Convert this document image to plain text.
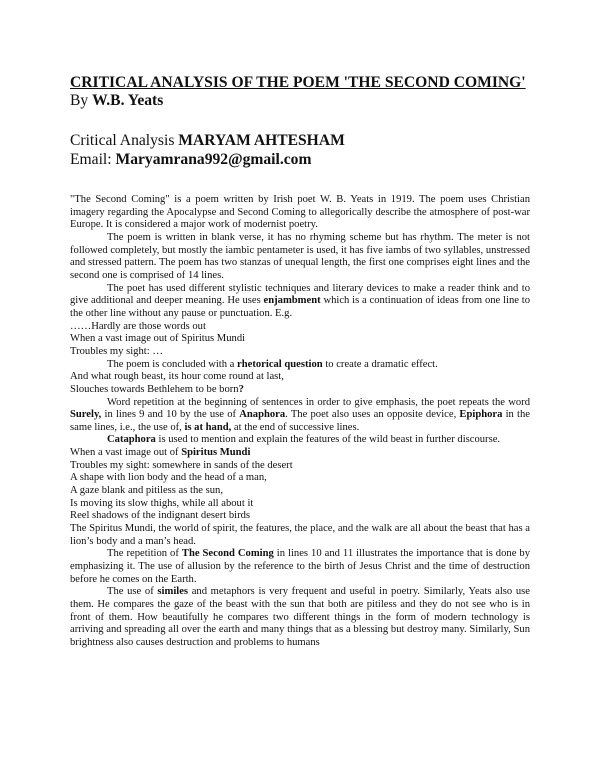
CRITICAL ANALYSIS OF THE POEM 'THE SECOND COMING'
By W.B. Yeats
Critical Analysis MARYAM AHTESHAM
Email: Maryamrana992@gmail.com

"The Second Coming" is a poem written by Irish poet W. B. Yeats in 1919. The poem uses Christian imagery regarding the Apocalypse and Second Coming to allegorically describe the atmosphere of post-war Europe. It is considered a major work of modernist poetry.

The poem is written in blank verse, it has no rhyming scheme but has rhythm. The meter is not followed completely, but mostly the iambic pentameter is used, it has five iambs of two syllables, unstressed and stressed pattern. The poem has two stanzas of unequal length, the first one comprises eight lines and the second one is comprised of 14 lines.

The poet has used different stylistic techniques and literary devices to make a reader think and to give additional and deeper meaning. He uses enjambment which is a continuation of ideas from one line to the other line without any pause or punctuation. E.g.

……Hardly are those words out
When a vast image out of Spiritus Mundi
Troubles my sight: …

The poem is concluded with a rhetorical question to create a dramatic effect.

And what rough beast, its hour come round at last,
Slouches towards Bethlehem to be born?

Word repetition at the beginning of sentences in order to give emphasis, the poet repeats the word Surely, in lines 9 and 10 by the use of Anaphora. The poet also uses an opposite device, Epiphora in the same lines, i.e., the use of, is at hand, at the end of successive lines.

Cataphora is used to mention and explain the features of the wild beast in further discourse.

When a vast image out of Spiritus Mundi
Troubles my sight: somewhere in sands of the desert
A shape with lion body and the head of a man,
A gaze blank and pitiless as the sun,
Is moving its slow thighs, while all about it
Reel shadows of the indignant desert birds

The Spiritus Mundi, the world of spirit, the features, the place, and the walk are all about the beast that has a lion’s body and a man’s head.

The repetition of The Second Coming in lines 10 and 11 illustrates the importance that is done by emphasizing it. The use of allusion by the reference to the birth of Jesus Christ and the time of destruction before he comes on the Earth.

The use of similes and metaphors is very frequent and useful in poetry. Similarly, Yeats also use them. He compares the gaze of the beast with the sun that both are pitiless and they do not see who is in front of them. How beautifully he compares two different things in the form of modern technology is arriving and spreading all over the earth and many things that as a blessing but destroy many. Similarly, Sun brightness also causes destruction and problems to humans
